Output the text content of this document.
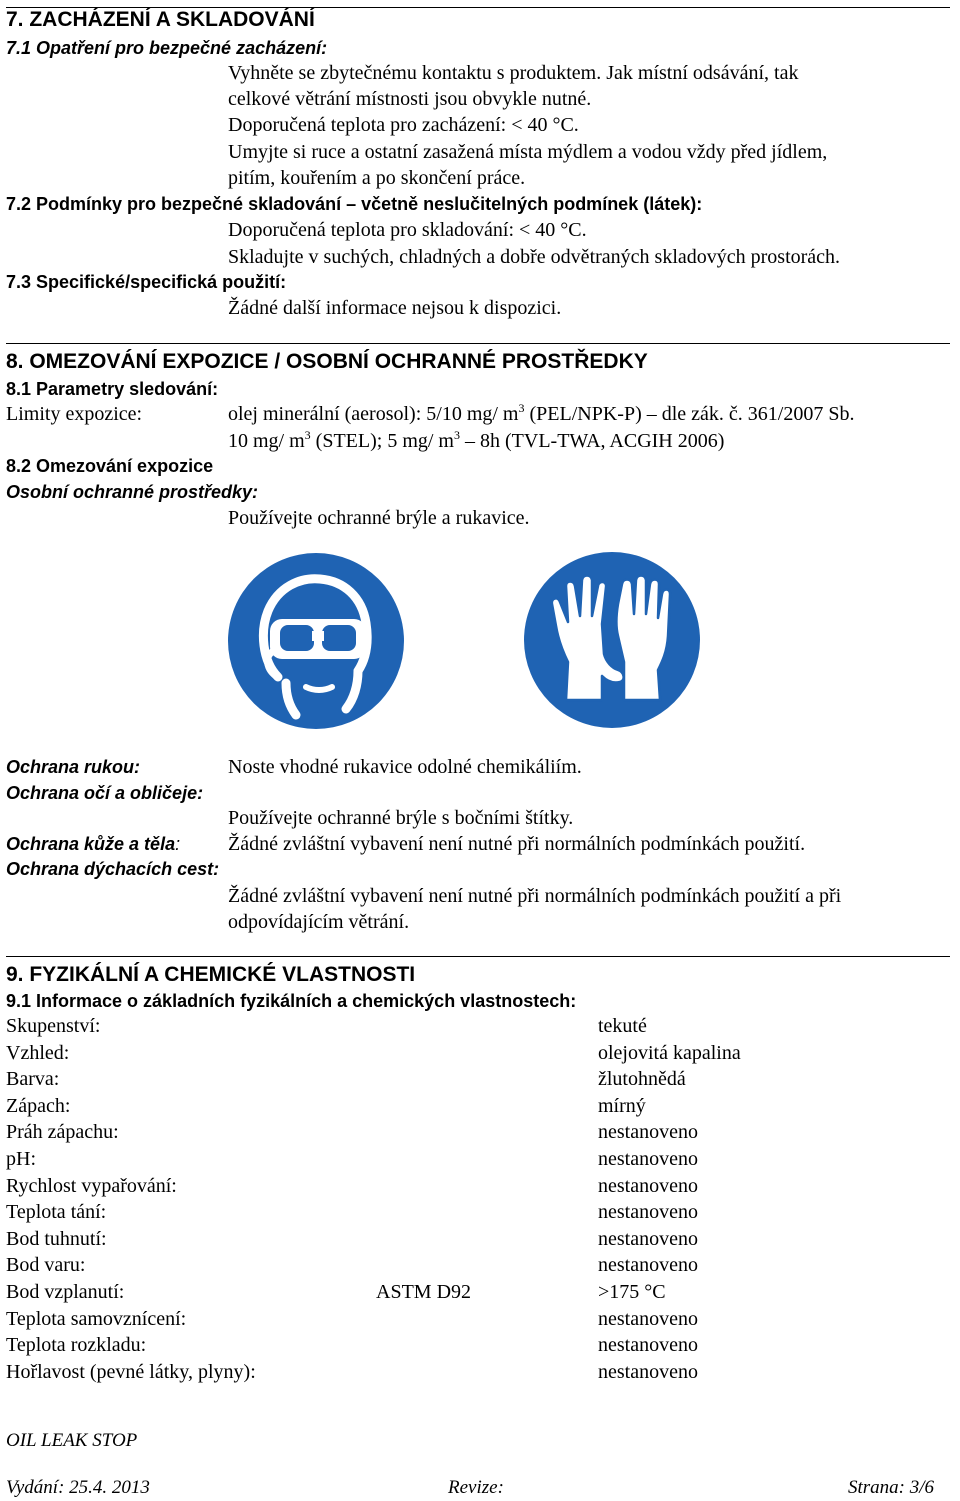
7. ZACHÁZENÍ A SKLADOVÁNÍ
7.1 Opatření pro bezpečné zacházení:
Vyhněte se zbytečnému kontaktu s produktem. Jak místní odsávání, tak
celkové větrání místnosti jsou obvykle nutné.
Doporučená teplota pro zacházení: < 40 °C.
Umyjte si ruce a ostatní zasažená místa mýdlem a vodou vždy před jídlem,
pitím, kouřením a po skončení práce.
7.2 Podmínky pro bezpečné skladování – včetně neslučitelných podmínek (látek):
Doporučená teplota pro skladování: < 40 °C.
Skladujte v suchých, chladných a dobře odvětraných skladových prostorách.
7.3 Specifické/specifická použití:
Žádné další informace nejsou k dispozici.
8. OMEZOVÁNÍ EXPOZICE / OSOBNÍ OCHRANNÉ PROSTŘEDKY
8.1 Parametry sledování:
Limity expozice:	olej minerální (aerosol): 5/10 mg/ $m^3$ (PEL/NPK-P) – dle zák. č. 361/2007 Sb.
10 mg/ $m^3$ (STEL); 5 mg/ $m^3 - 8h$ (TVL-TWA, ACGIH 2006)
8.2 Omezování expozice
Osobní ochranné prostředky:
Používejte ochranné brýle a rukavice.
Ochrana rukou:	Noste vhodné rukavice odolné chemikáliím.
Ochrana očí a obličeje:
Používejte ochranné brýle s bočními štítky.
Ochrana kůže a těla: Žádné zvláštní vybavení není nutné při normálních podmínkách použití.
Ochrana dýchacích cest:
Žádné zvláštní vybavení není nutné při normálních podmínkách použití a při
odpovídajícím větrání.
9. FYZIKÁLNÍ A CHEMICKÉ VLASTNOSTI
9.1 Informace o základních fyzikálních a chemických vlastnostech:
Skupenství:	tekuté
Vzhled:	olejovitá kapalina
Barva:	žlutohnědá
Zápach:	mírný
Práh zápachu:	nestanoveno
pH:	nestanoveno
Rychlost vypařování:	nestanoveno
Teplota tání:	nestanoveno
Bod tuhnutí:	nestanoveno
Bod varu:	nestanoveno
Bod vzplanutí:	ASTM D92	>175 °C
Teplota samovznícení:	nestanoveno
Teplota rozkladu:	nestanoveno
Hořlavost (pevné látky, plyny):	nestanoveno
OIL LEAK STOP
Vydání: 25.4. 2013	Revize:	Strana: 3/6
